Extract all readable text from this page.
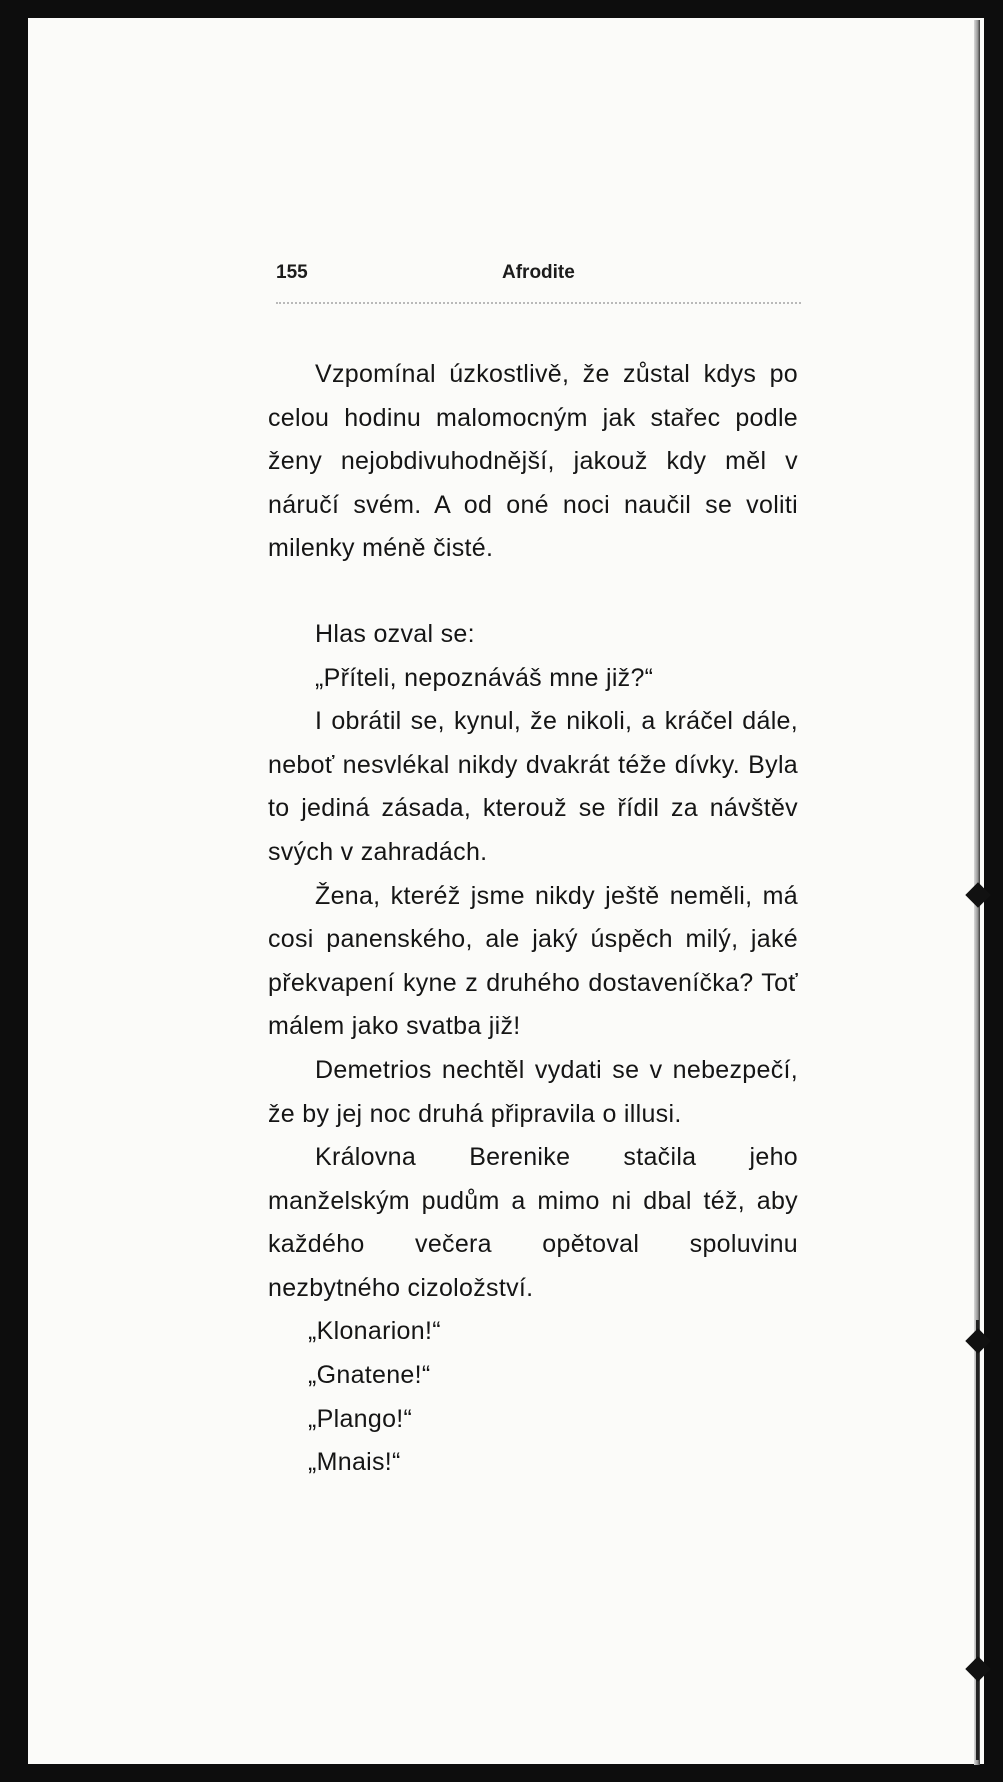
155	Afrodite

Vzpomínal úzkostlivě, že zůstal kdys po celou hodinu malomocným jak stařec podle ženy nejobdivuhodnější, jakouž kdy měl v náručí svém. A od oné noci naučil se voliti milenky méně čisté.

Hlas ozval se:

„Příteli, nepoznáváš mne již?“

I obrátil se, kynul, že nikoli, a kráčel dále, neboť nesvlékal nikdy dvakrát téže dívky. Byla to jediná zásada, kterouž se řídil za návštěv svých v zahradách.

Žena, kteréž jsme nikdy ještě neměli, má cosi panenského, ale jaký úspěch milý, jaké překvapení kyne z druhého dostaveníčka? Toť málem jako svatba již!

Demetrios nechtěl vydati se v nebezpečí, že by jej noc druhá připravila o illusi.

Královna Berenike stačila jeho manželským pudům a mimo ni dbal též, aby každého večera opětoval spoluvinu nezbytného cizoložství.

„Klonarion!“

„Gnatene!“

„Plango!“

„Mnais!“
